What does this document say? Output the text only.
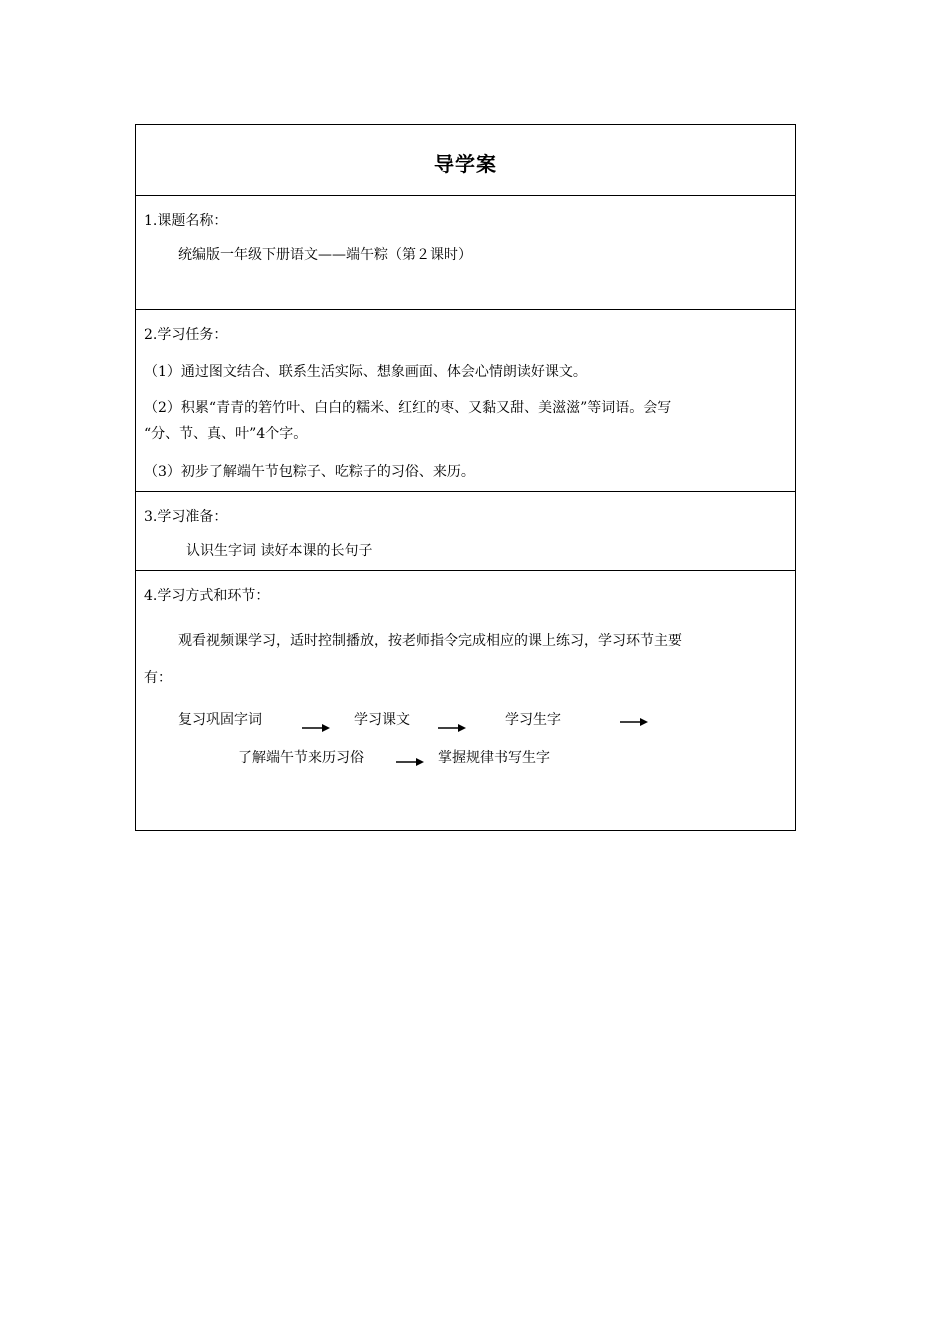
导学案
1.课题名称：
统编版一年级下册语文——端午粽（第２课时）
2.学习任务：
（1）通过图文结合、联系生活实际、想象画面、体会心情朗读好课文。
（2）积累“青青的箬竹叶、白白的糯米、红红的枣、又黏又甜、美滋滋”等词语。会写
“分、节、真、叶”4个字。
（3）初步了解端午节包粽子、吃粽子的习俗、来历。
3.学习准备：
认识生字词 读好本课的长句子
4.学习方式和环节：
观看视频课学习，适时控制播放，按老师指令完成相应的课上练习，学习环节主要
有：
复习巩固字词	学习课文	学习生字
了解端午节来历习俗	掌握规律书写生字
